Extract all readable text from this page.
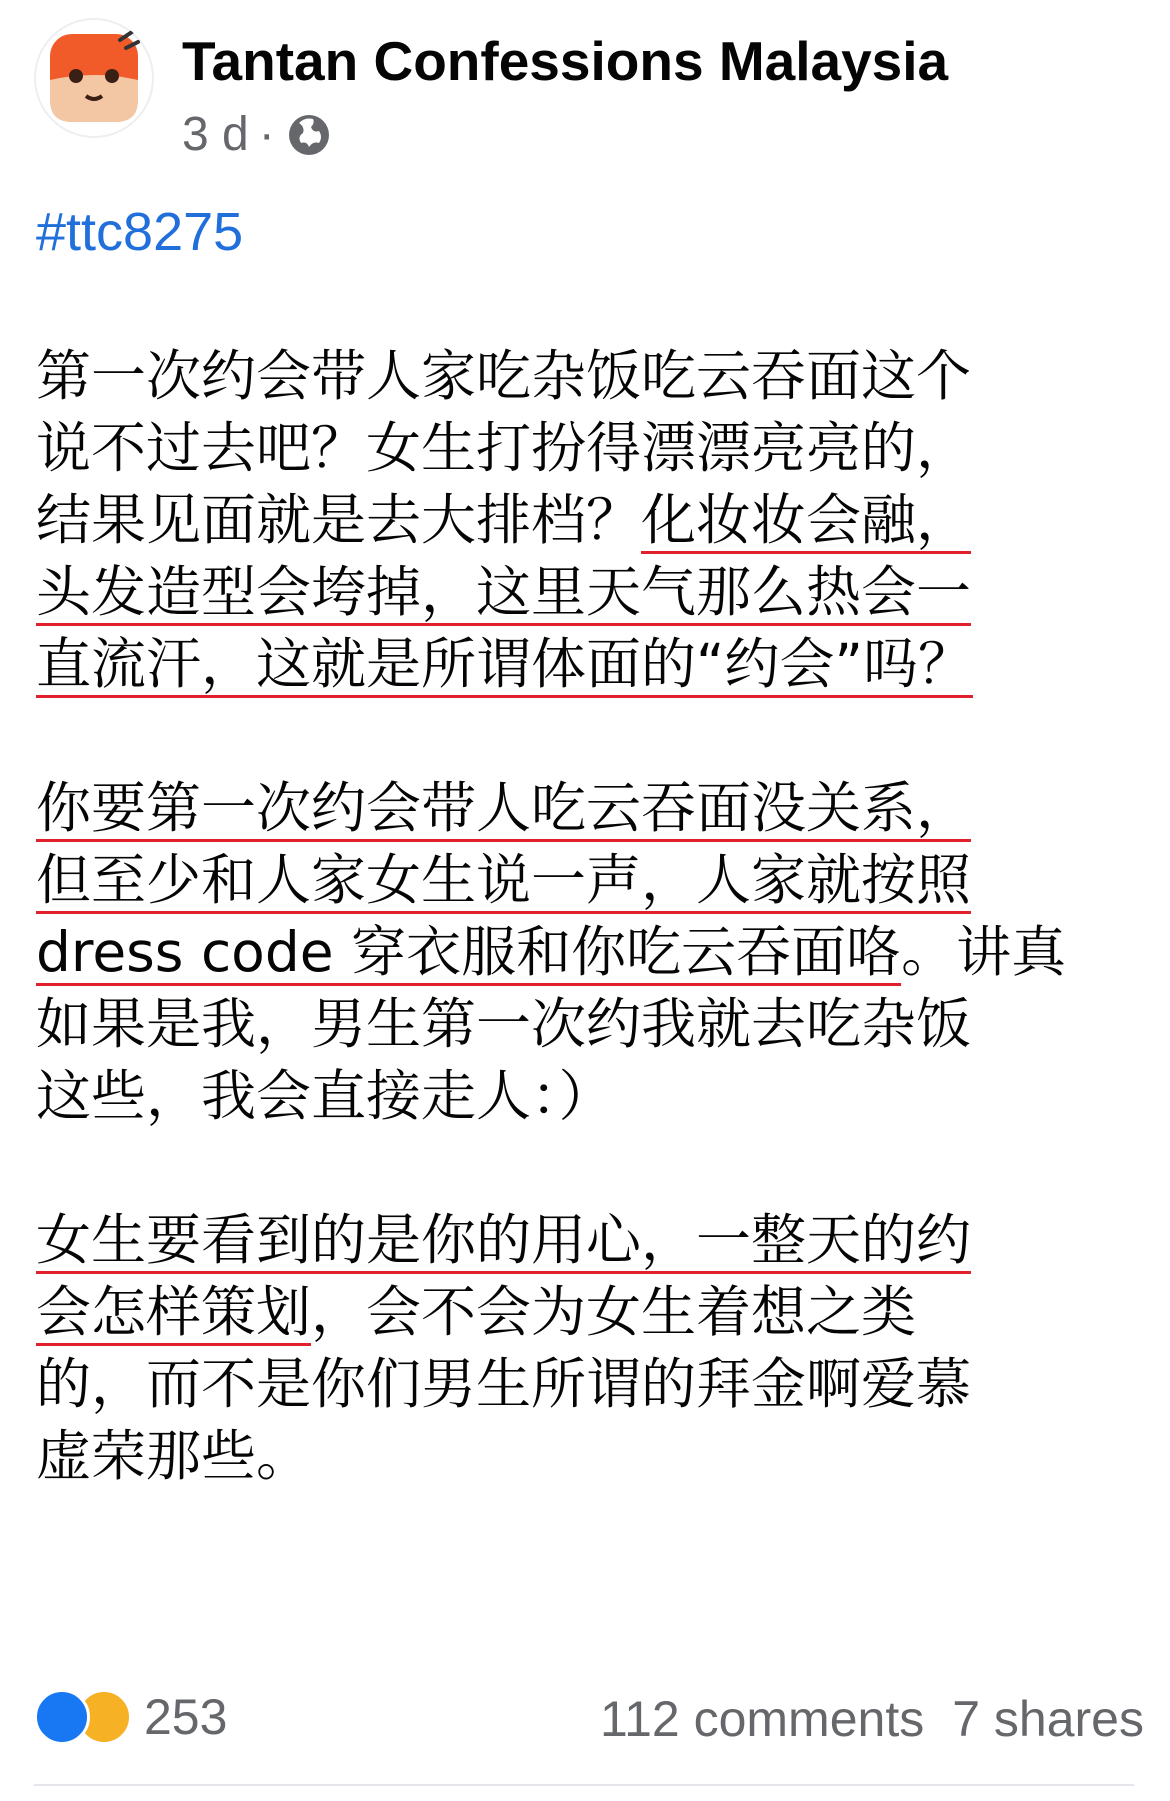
Tantan Confessions Malaysia
3 d ·
#ttc8275
第一次约会带人家吃杂饭吃云吞面这个
说不过去吧？女生打扮得漂漂亮亮的，
结果见面就是去大排档？化妆妆会融，
头发造型会垮掉，这里天气那么热会一
直流汗，这就是所谓体面的“约会”吗？
你要第一次约会带人吃云吞面没关系，
但至少和人家女生说一声，人家就按照
dress code 穿衣服和你吃云吞面咯。讲真
如果是我，男生第一次约我就去吃杂饭
这些，我会直接走人：）
女生要看到的是你的用心，一整天的约
会怎样策划，会不会为女生着想之类
的，而不是你们男生所谓的拜金啊爱慕
虚荣那些。
253	112 comments 7 shares
